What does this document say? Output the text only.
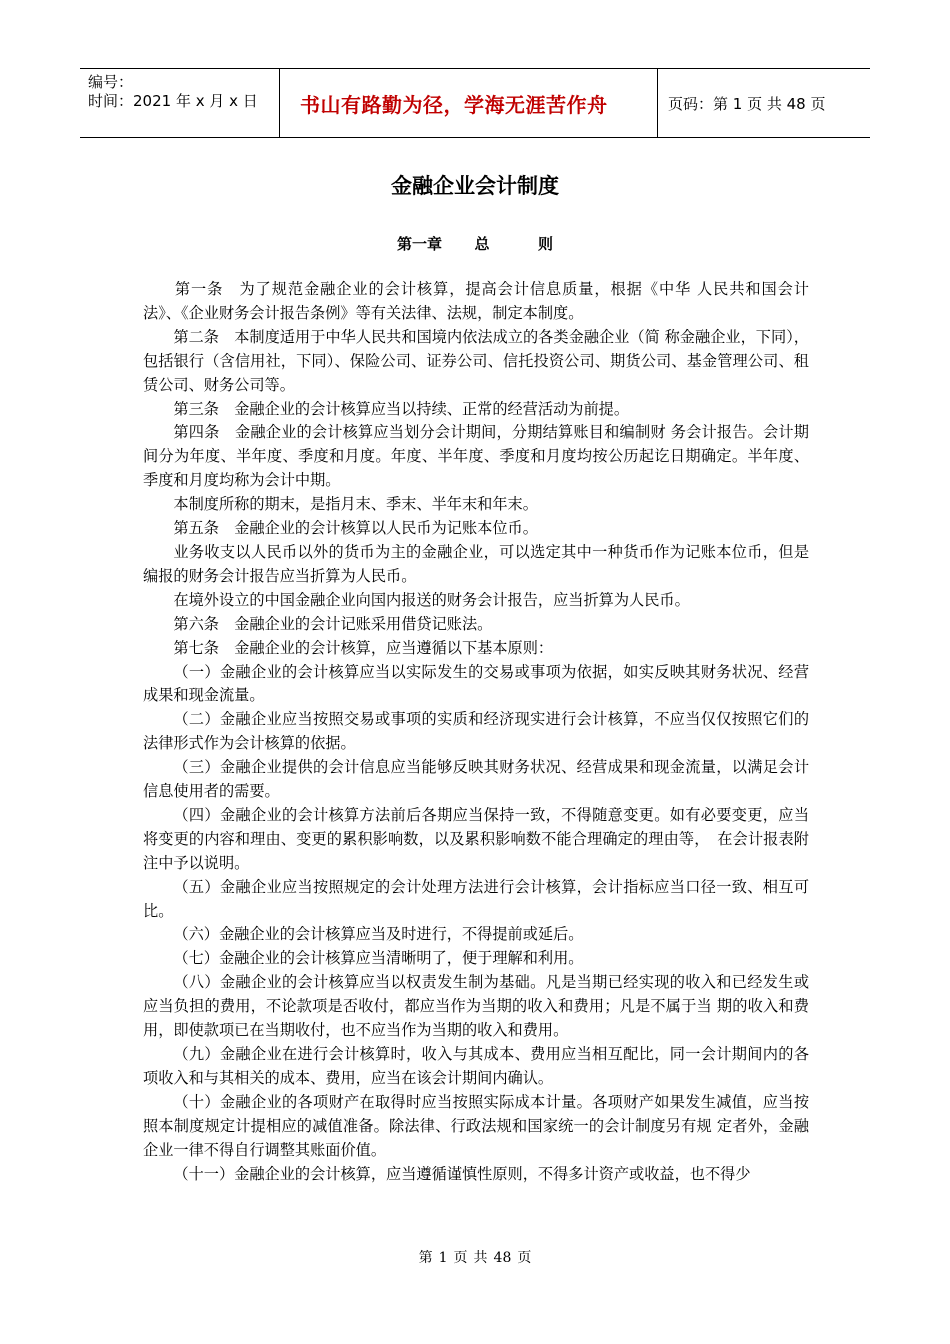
编号：
时间：2021 年 x 月 x 日	书山有路勤为径，学海无涯苦作舟	页码：第 1 页 共 48 页
金融企业会计制度
第一章 总	则

第一条　为了规范金融企业的会计核算，提高会计信息质量，根据《中华 人民共和国会计法》、《企业财务会计报告条例》等有关法律、法规，制定本制度。

第二条　本制度适用于中华人民共和国境内依法成立的各类金融企业（简 称金融企业，下同），包括银行（含信用社，下同）、保险公司、证券公司、信托投资公司、期货公司、基金管理公司、租赁公司、财务公司等。

第三条　金融企业的会计核算应当以持续、正常的经营活动为前提。

第四条　金融企业的会计核算应当划分会计期间，分期结算账目和编制财 务会计报告。会计期间分为年度、半年度、季度和月度。年度、半年度、季度和月度均按公历起讫日期确定。半年度、季度和月度均称为会计中期。

本制度所称的期末，是指月末、季末、半年末和年末。

第五条　金融企业的会计核算以人民币为记账本位币。

业务收支以人民币以外的货币为主的金融企业，可以选定其中一种货币作为记账本位币，但是编报的财务会计报告应当折算为人民币。

在境外设立的中国金融企业向国内报送的财务会计报告，应当折算为人民币。

第六条　金融企业的会计记账采用借贷记账法。

第七条　金融企业的会计核算，应当遵循以下基本原则：

（一）金融企业的会计核算应当以实际发生的交易或事项为依据，如实反映其财务状况、经营成果和现金流量。

（二）金融企业应当按照交易或事项的实质和经济现实进行会计核算，不应当仅仅按照它们的法律形式作为会计核算的依据。

（三）金融企业提供的会计信息应当能够反映其财务状况、经营成果和现金流量，以满足会计信息使用者的需要。

（四）金融企业的会计核算方法前后各期应当保持一致，不得随意变更。如有必要变更，应当将变更的内容和理由、变更的累积影响数，以及累积影响数不能合理确定的理由等，　在会计报表附注中予以说明。

（五）金融企业应当按照规定的会计处理方法进行会计核算，会计指标应当口径一致、相互可比。

（六）金融企业的会计核算应当及时进行，不得提前或延后。

（七）金融企业的会计核算应当清晰明了，便于理解和利用。

（八）金融企业的会计核算应当以权责发生制为基础。凡是当期已经实现的收入和已经发生或应当负担的费用，不论款项是否收付，都应当作为当期的收入和费用；凡是不属于当 期的收入和费用，即使款项已在当期收付，也不应当作为当期的收入和费用。

（九）金融企业在进行会计核算时，收入与其成本、费用应当相互配比，同一会计期间内的各项收入和与其相关的成本、费用，应当在该会计期间内确认。

（十）金融企业的各项财产在取得时应当按照实际成本计量。各项财产如果发生减值，应当按照本制度规定计提相应的减值准备。除法律、行政法规和国家统一的会计制度另有规 定者外，金融企业一律不得自行调整其账面价值。

（十一）金融企业的会计核算，应当遵循谨慎性原则，不得多计资产或收益，也不得少

第 1 页 共 48 页
